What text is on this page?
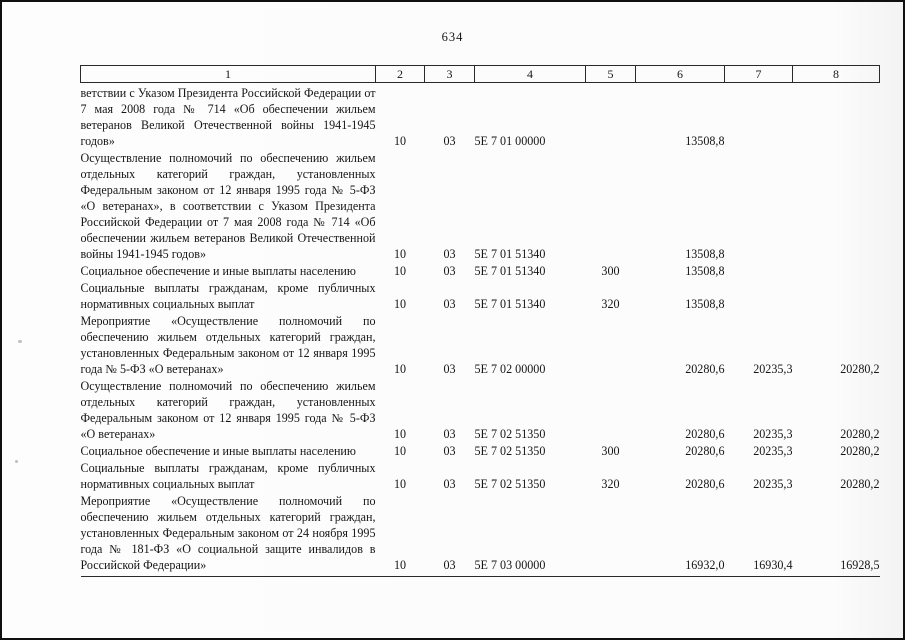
634
1	2	3	4	5	6	7	8
ветствии с Указом Президента Российской Федерации от 7 мая 2008 года № 714 «Об обеспечении жильем ветеранов Великой Отечественной войны 1941-1945 годов»	10	03	5Е 7 01 00000		13508,8		
Осуществление полномочий по обеспечению жильем отдельных категорий граждан, установленных Федеральным законом от 12 января 1995 года № 5-ФЗ «О ветеранах», в соответствии с Указом Президента Российской Федерации от 7 мая 2008 года № 714 «Об обеспечении жильем ветеранов Великой Отечественной войны 1941-1945 годов»	10	03	5Е 7 01 51340		13508,8		
Социальное обеспечение и иные выплаты населению	10	03	5Е 7 01 51340	300	13508,8		
Социальные выплаты гражданам, кроме публичных нормативных социальных выплат	10	03	5Е 7 01 51340	320	13508,8		
Мероприятие «Осуществление полномочий по обеспечению жильем отдельных категорий граждан, установленных Федеральным законом от 12 января 1995 года № 5-ФЗ «О ветеранах»	10	03	5Е 7 02 00000		20280,6	20235,3	20280,2
Осуществление полномочий по обеспечению жильем отдельных категорий граждан, установленных Федеральным законом от 12 января 1995 года № 5-ФЗ «О ветеранах»	10	03	5Е 7 02 51350		20280,6	20235,3	20280,2
Социальное обеспечение и иные выплаты населению	10	03	5Е 7 02 51350	300	20280,6	20235,3	20280,2
Социальные выплаты гражданам, кроме публичных нормативных социальных выплат	10	03	5Е 7 02 51350	320	20280,6	20235,3	20280,2
Мероприятие «Осуществление полномочий по обеспечению жильем отдельных категорий граждан, установленных Федеральным законом от 24 ноября 1995 года № 181-ФЗ «О социальной защите инвалидов в Российской Федерации»	10	03	5Е 7 03 00000		16932,0	16930,4	16928,5
